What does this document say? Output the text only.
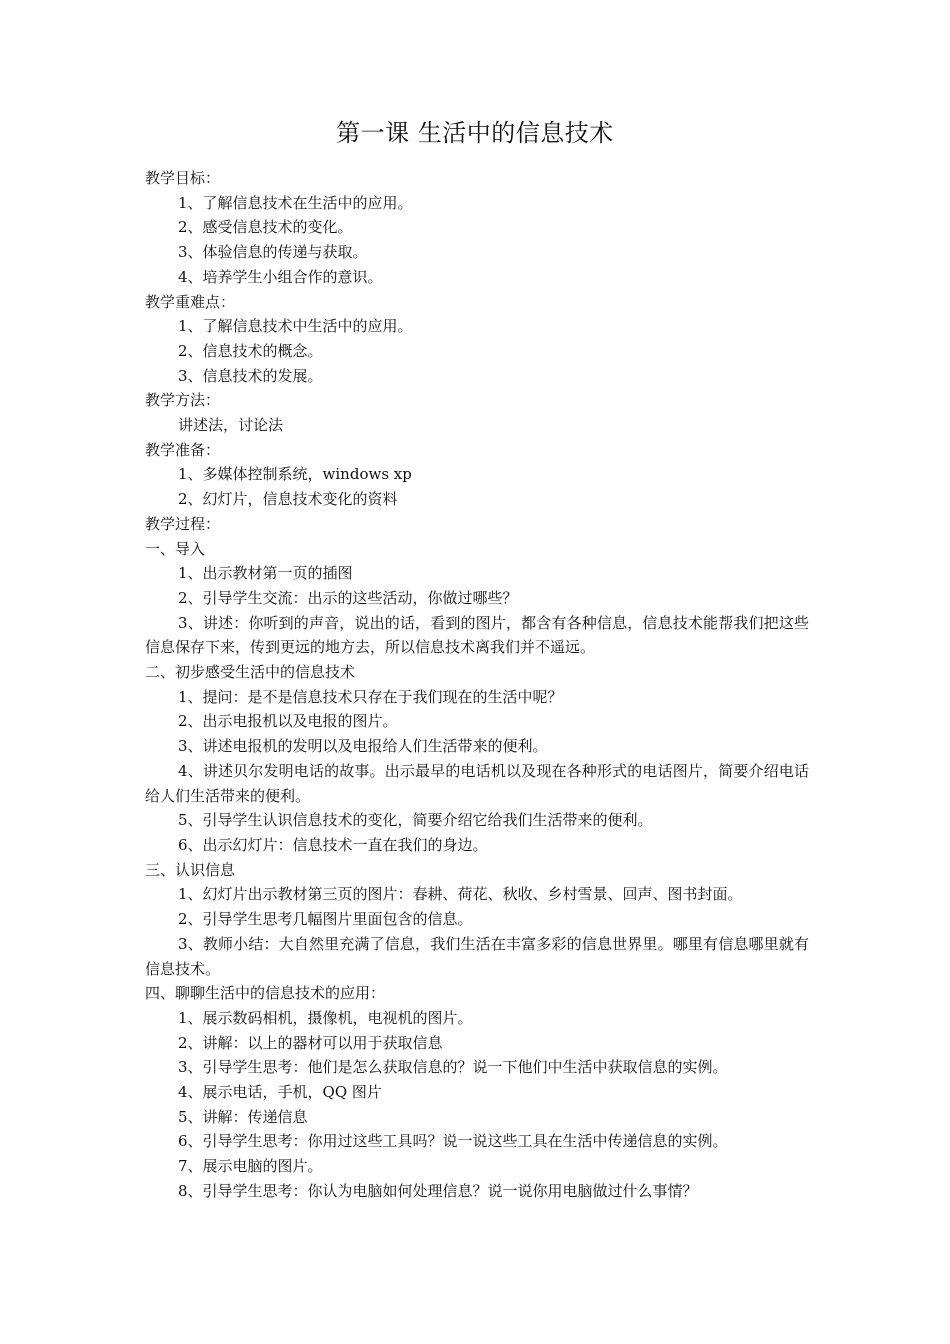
第一课 生活中的信息技术

教学目标：

1、了解信息技术在生活中的应用。

2、感受信息技术的变化。

3、体验信息的传递与获取。

4、培养学生小组合作的意识。

教学重难点：

1、了解信息技术中生活中的应用。

2、信息技术的概念。

3、信息技术的发展。

教学方法：

讲述法，讨论法

教学准备：

1、多媒体控制系统，windows xp

2、幻灯片，信息技术变化的资料

教学过程：

一、导入

1、出示教材第一页的插图

2、引导学生交流：出示的这些活动，你做过哪些？

3、讲述：你听到的声音，说出的话，看到的图片，都含有各种信息，信息技术能帮我们把这些信息保存下来，传到更远的地方去，所以信息技术离我们并不遥远。

二、初步感受生活中的信息技术

1、提问：是不是信息技术只存在于我们现在的生活中呢？

2、出示电报机以及电报的图片。

3、讲述电报机的发明以及电报给人们生活带来的便利。

4、讲述贝尔发明电话的故事。出示最早的电话机以及现在各种形式的电话图片，简要介绍电话给人们生活带来的便利。

5、引导学生认识信息技术的变化，简要介绍它给我们生活带来的便利。

6、出示幻灯片：信息技术一直在我们的身边。

三、认识信息

1、幻灯片出示教材第三页的图片：春耕、荷花、秋收、乡村雪景、回声、图书封面。

2、引导学生思考几幅图片里面包含的信息。

3、教师小结：大自然里充满了信息，我们生活在丰富多彩的信息世界里。哪里有信息哪里就有信息技术。

四、聊聊生活中的信息技术的应用：

1、展示数码相机，摄像机，电视机的图片。

2、讲解：以上的器材可以用于获取信息

3、引导学生思考：他们是怎么获取信息的？说一下他们中生活中获取信息的实例。

4、展示电话，手机，QQ 图片

5、讲解：传递信息

6、引导学生思考：你用过这些工具吗？说一说这些工具在生活中传递信息的实例。

7、展示电脑的图片。

8、引导学生思考：你认为电脑如何处理信息？说一说你用电脑做过什么事情？
